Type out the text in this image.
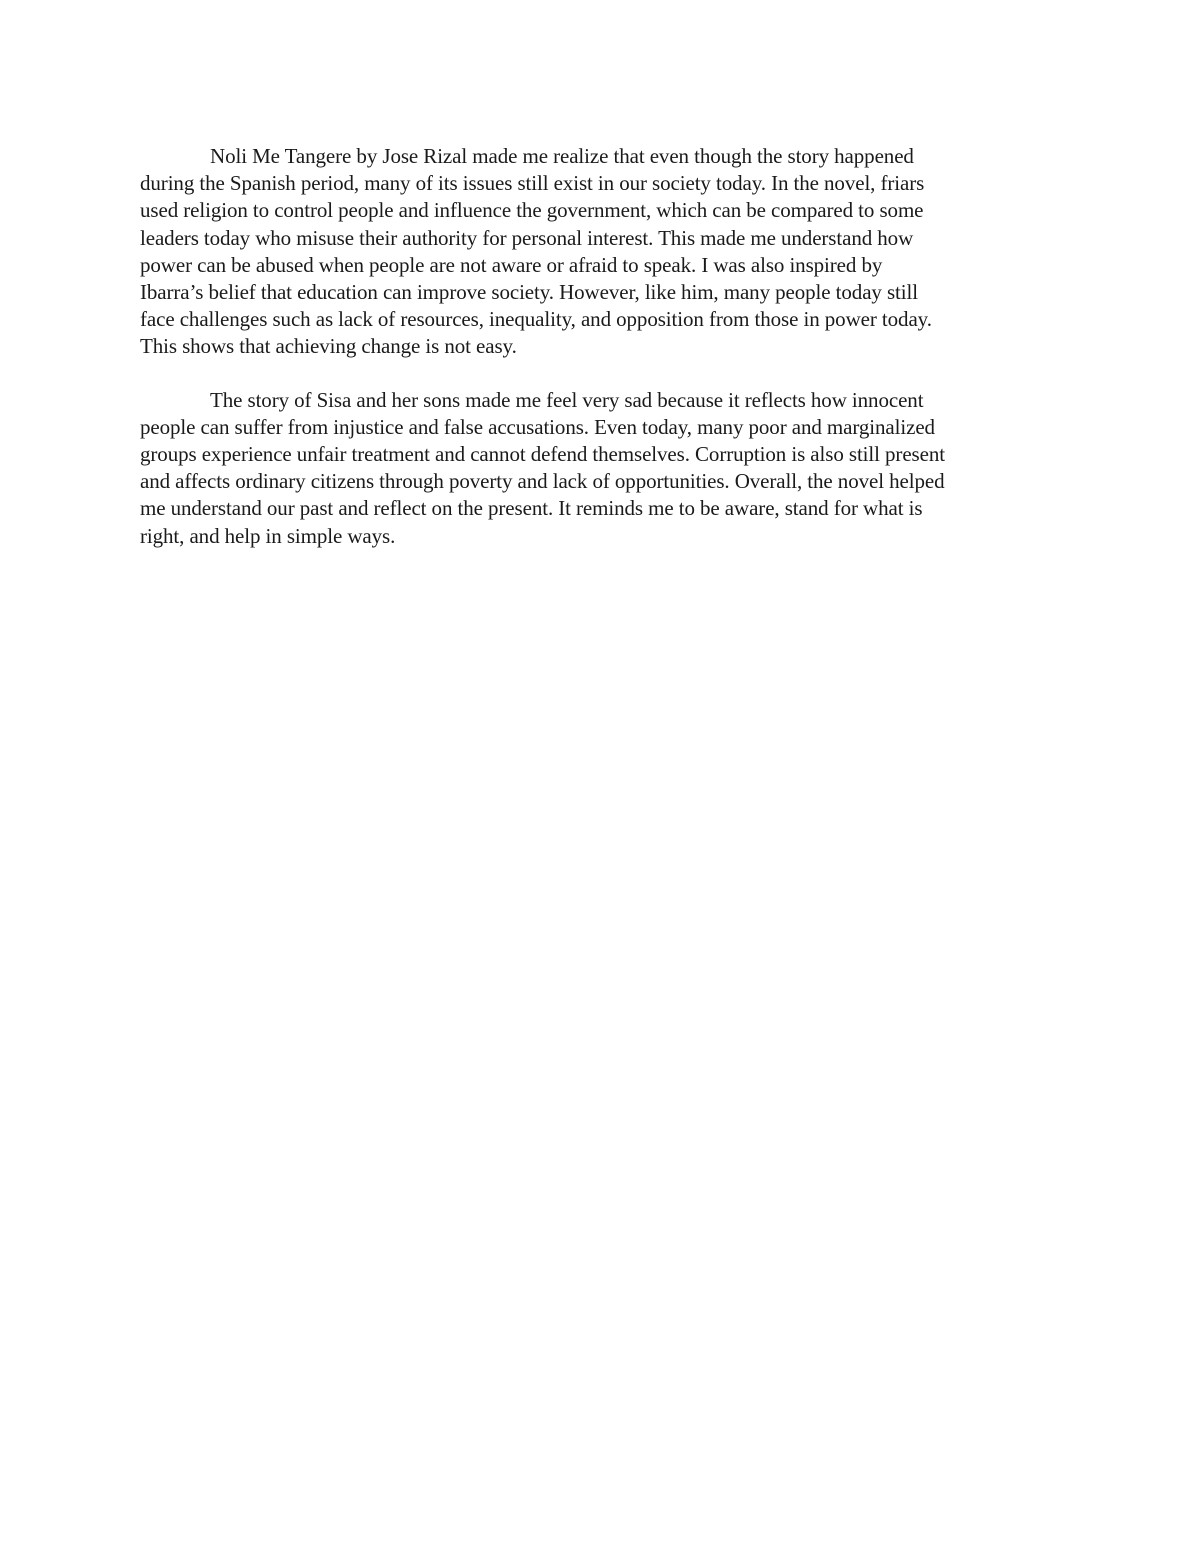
Noli Me Tangere by Jose Rizal made me realize that even though the story happened
during the Spanish period, many of its issues still exist in our society today. In the novel, friars
used religion to control people and influence the government, which can be compared to some
leaders today who misuse their authority for personal interest. This made me understand how
power can be abused when people are not aware or afraid to speak. I was also inspired by
Ibarra’s belief that education can improve society. However, like him, many people today still
face challenges such as lack of resources, inequality, and opposition from those in power today.
This shows that achieving change is not easy.

The story of Sisa and her sons made me feel very sad because it reflects how innocent
people can suffer from injustice and false accusations. Even today, many poor and marginalized
groups experience unfair treatment and cannot defend themselves. Corruption is also still present
and affects ordinary citizens through poverty and lack of opportunities. Overall, the novel helped
me understand our past and reflect on the present. It reminds me to be aware, stand for what is
right, and help in simple ways.
